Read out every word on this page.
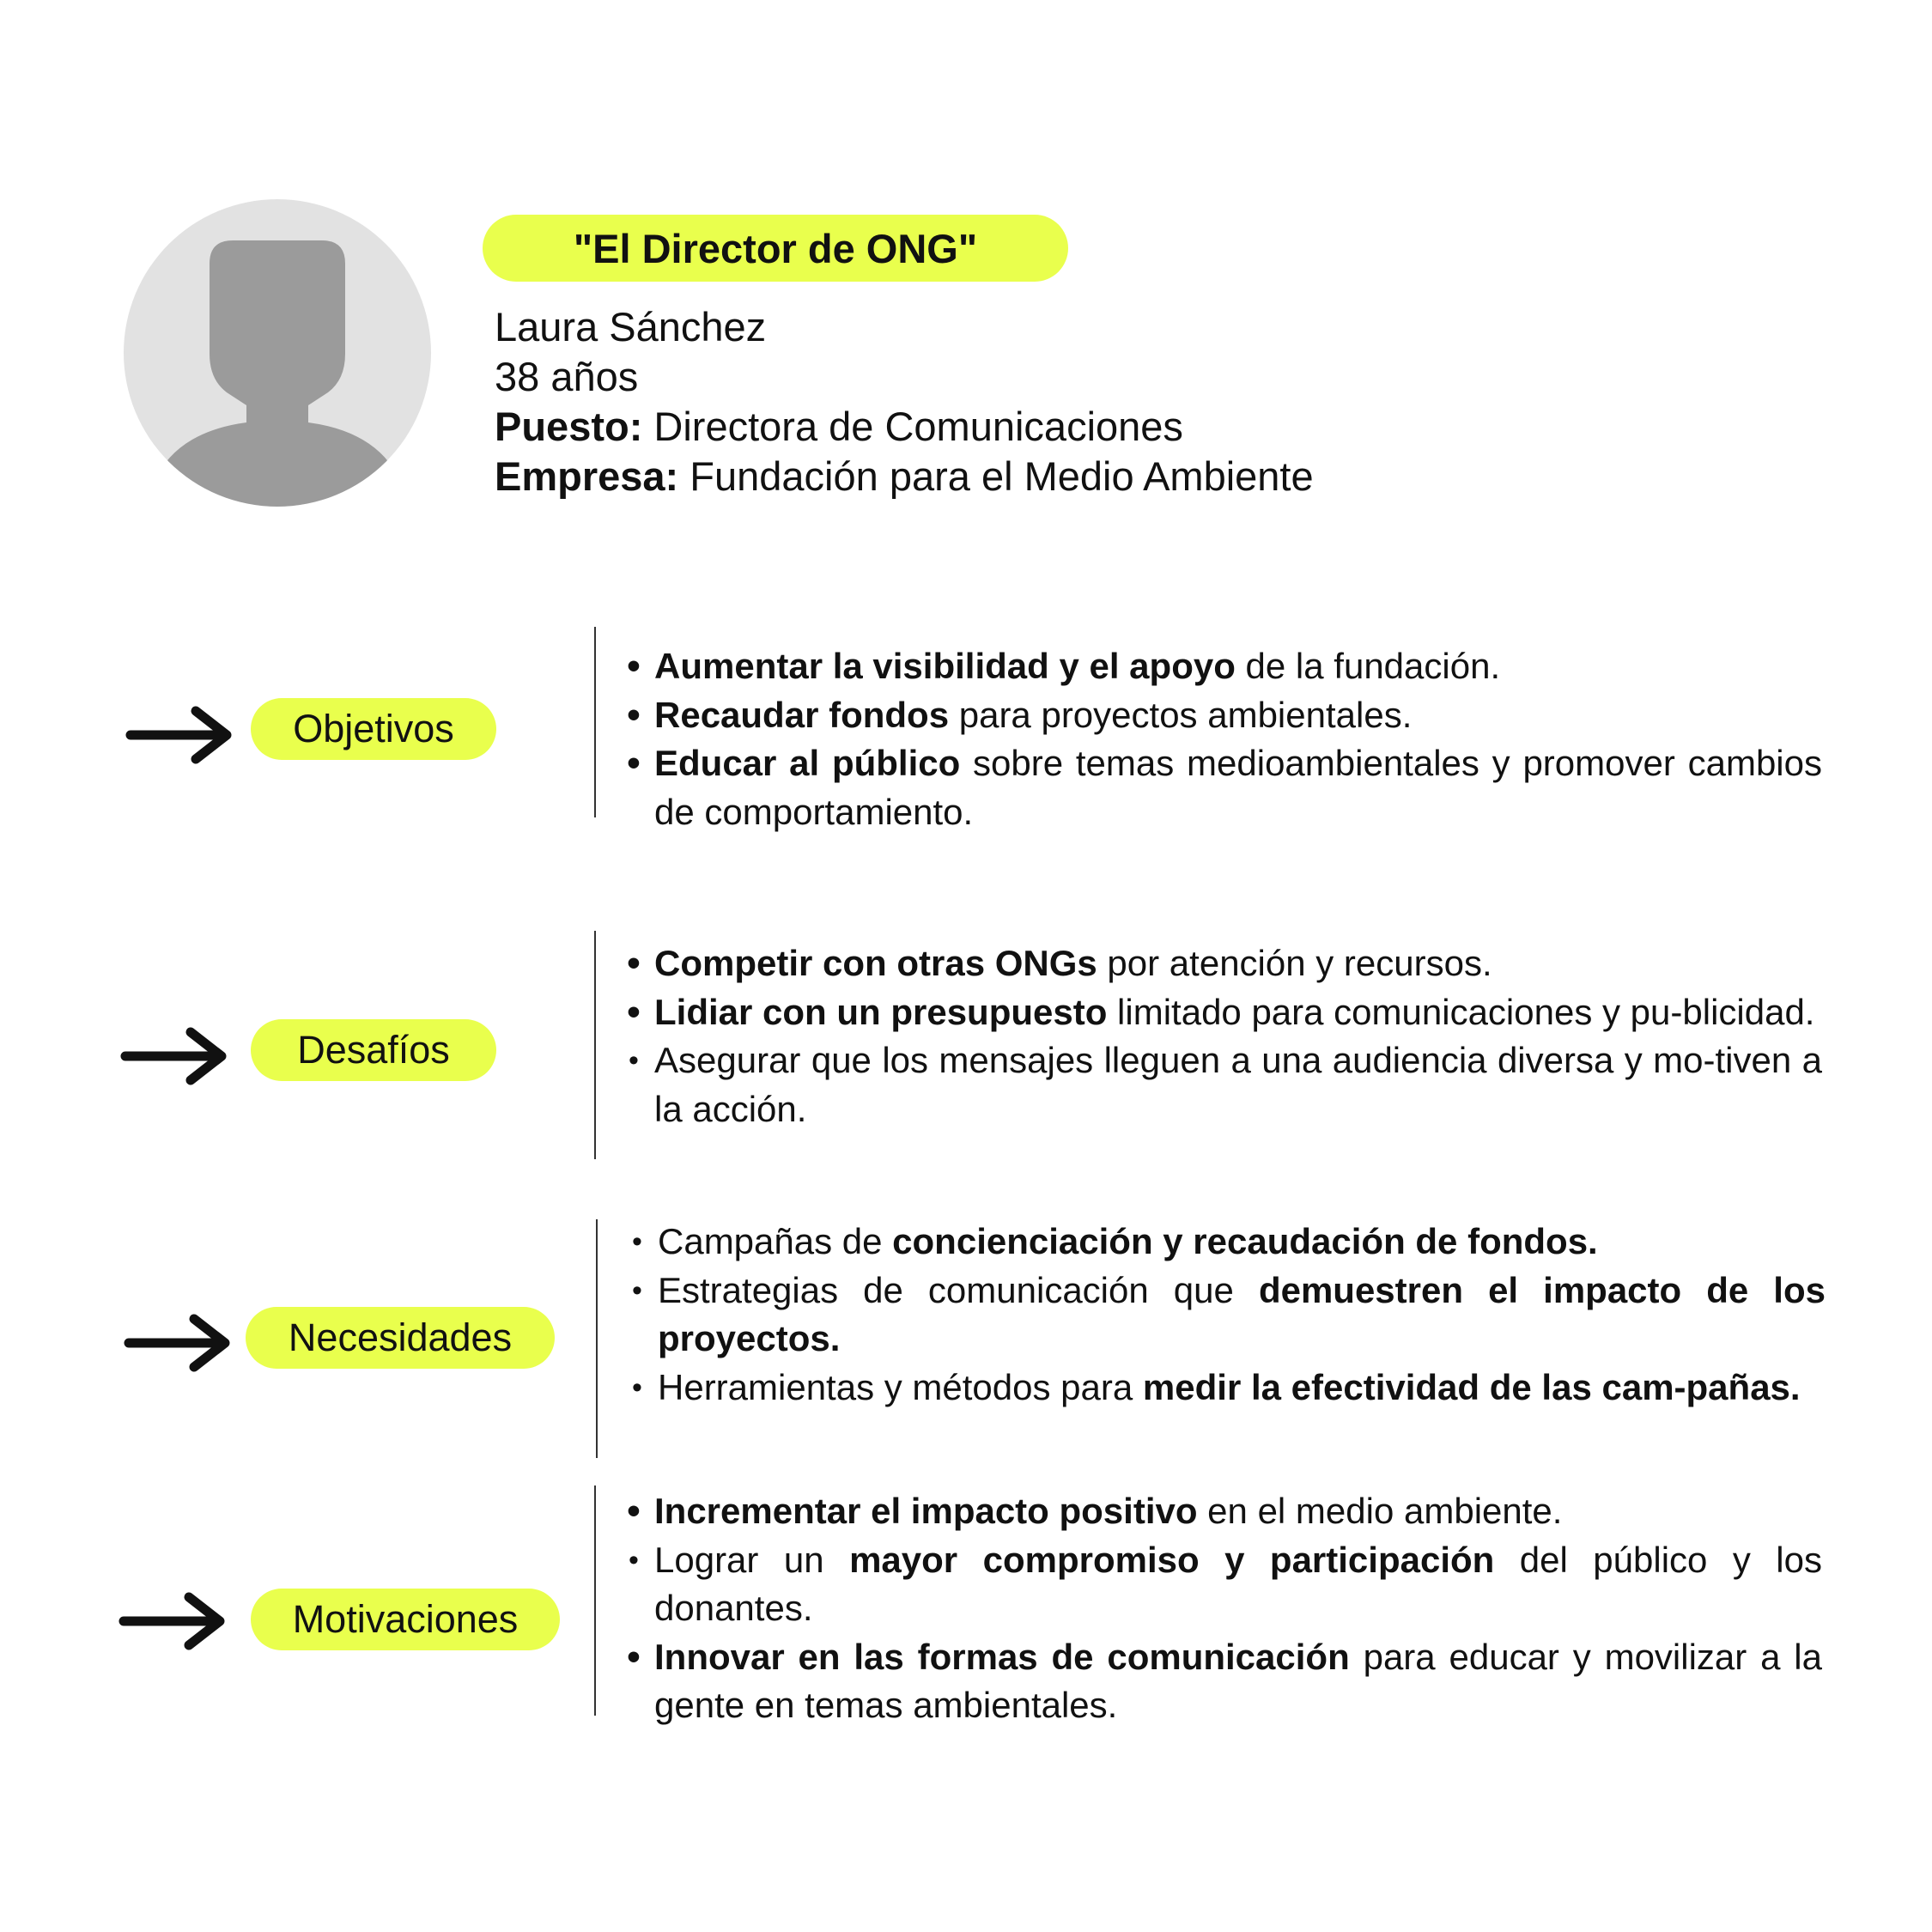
"El Director de ONG"
Laura Sánchez
38 años
Puesto: Directora de Comunicaciones
Empresa: Fundación para el Medio Ambiente
Objetivos
• Aumentar la visibilidad y el apoyo de la fundación.
• Recaudar fondos para proyectos ambientales.
• Educar al público sobre temas medioambientales y promover cambios de comportamiento.
Desafíos
• Competir con otras ONGs por atención y recursos.
• Lidiar con un presupuesto limitado para comunicaciones y pu-blicidad.
• Asegurar que los mensajes lleguen a una audiencia diversa y mo-tiven a la acción.
Necesidades
• Campañas de concienciación y recaudación de fondos.
• Estrategias de comunicación que demuestren el impacto de los proyectos.
• Herramientas y métodos para medir la efectividad de las cam-pañas.
Motivaciones
• Incrementar el impacto positivo en el medio ambiente.
• Lograr un mayor compromiso y participación del público y los donantes.
• Innovar en las formas de comunicación para educar y movilizar a la gente en temas ambientales.
